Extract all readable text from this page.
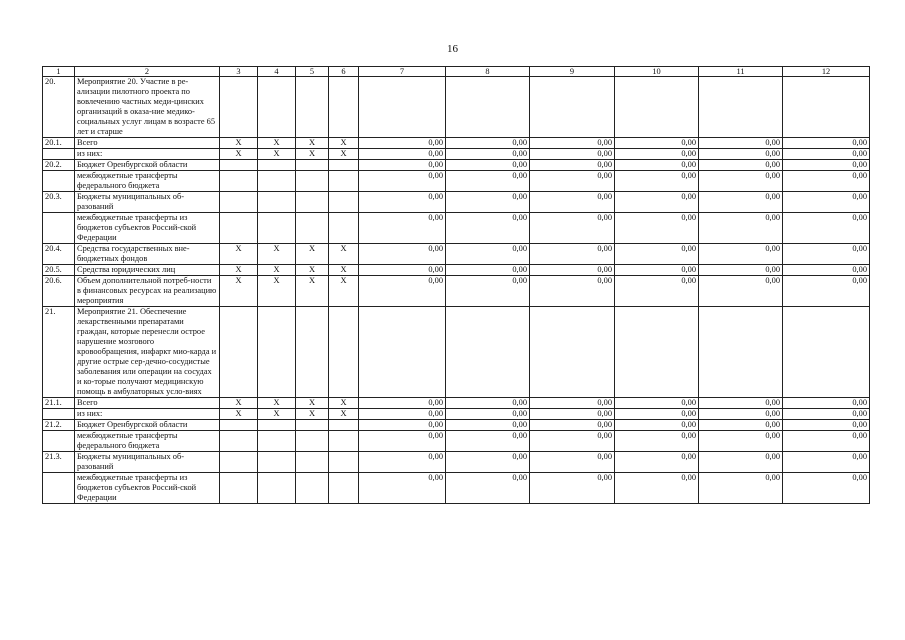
16
1	2	3	4	5	6	7	8	9	10	11	12
20.	Мероприятие 20. Участие в ре-ализации пилотного проекта по вовлечению частных меди-цинских организаций в оказа-ние медико-социальных услуг лицам в возрасте 65 лет и старше										
20.1.	Всего	X	X	X	X	0,00	0,00	0,00	0,00	0,00	0,00
	из них:	X	X	X	X	0,00	0,00	0,00	0,00	0,00	0,00
20.2.	Бюджет Оренбургской области					0,00	0,00	0,00	0,00	0,00	0,00
	межбюджетные трансферты федерального бюджета					0,00	0,00	0,00	0,00	0,00	0,00
20.3.	Бюджеты муниципальных об-разований					0,00	0,00	0,00	0,00	0,00	0,00
	межбюджетные трансферты из бюджетов субъектов Россий-ской Федерации					0,00	0,00	0,00	0,00	0,00	0,00
20.4.	Средства государственных вне-бюджетных фондов	X	X	X	X	0,00	0,00	0,00	0,00	0,00	0,00
20.5.	Средства юридических лиц	X	X	X	X	0,00	0,00	0,00	0,00	0,00	0,00
20.6.	Объем дополнительной потреб-ности в финансовых ресурсах на реализацию мероприятия	X	X	X	X	0,00	0,00	0,00	0,00	0,00	0,00
21.	Мероприятие 21. Обеспечение лекарственными препаратами граждан, которые перенесли острое нарушение мозгового кровообращения, инфаркт мио-карда и другие острые сер-дечно-сосудистые заболевания или операции на сосудах и ко-торые получают медицинскую помощь в амбулаторных усло-виях										
21.1.	Всего	X	X	X	X	0,00	0,00	0,00	0,00	0,00	0,00
	из них:	X	X	X	X	0,00	0,00	0,00	0,00	0,00	0,00
21.2.	Бюджет Оренбургской области					0,00	0,00	0,00	0,00	0,00	0,00
	межбюджетные трансферты федерального бюджета					0,00	0,00	0,00	0,00	0,00	0,00
21.3.	Бюджеты муниципальных об-разований					0,00	0,00	0,00	0,00	0,00	0,00
	межбюджетные трансферты из бюджетов субъектов Россий-ской Федерации					0,00	0,00	0,00	0,00	0,00	0,00
